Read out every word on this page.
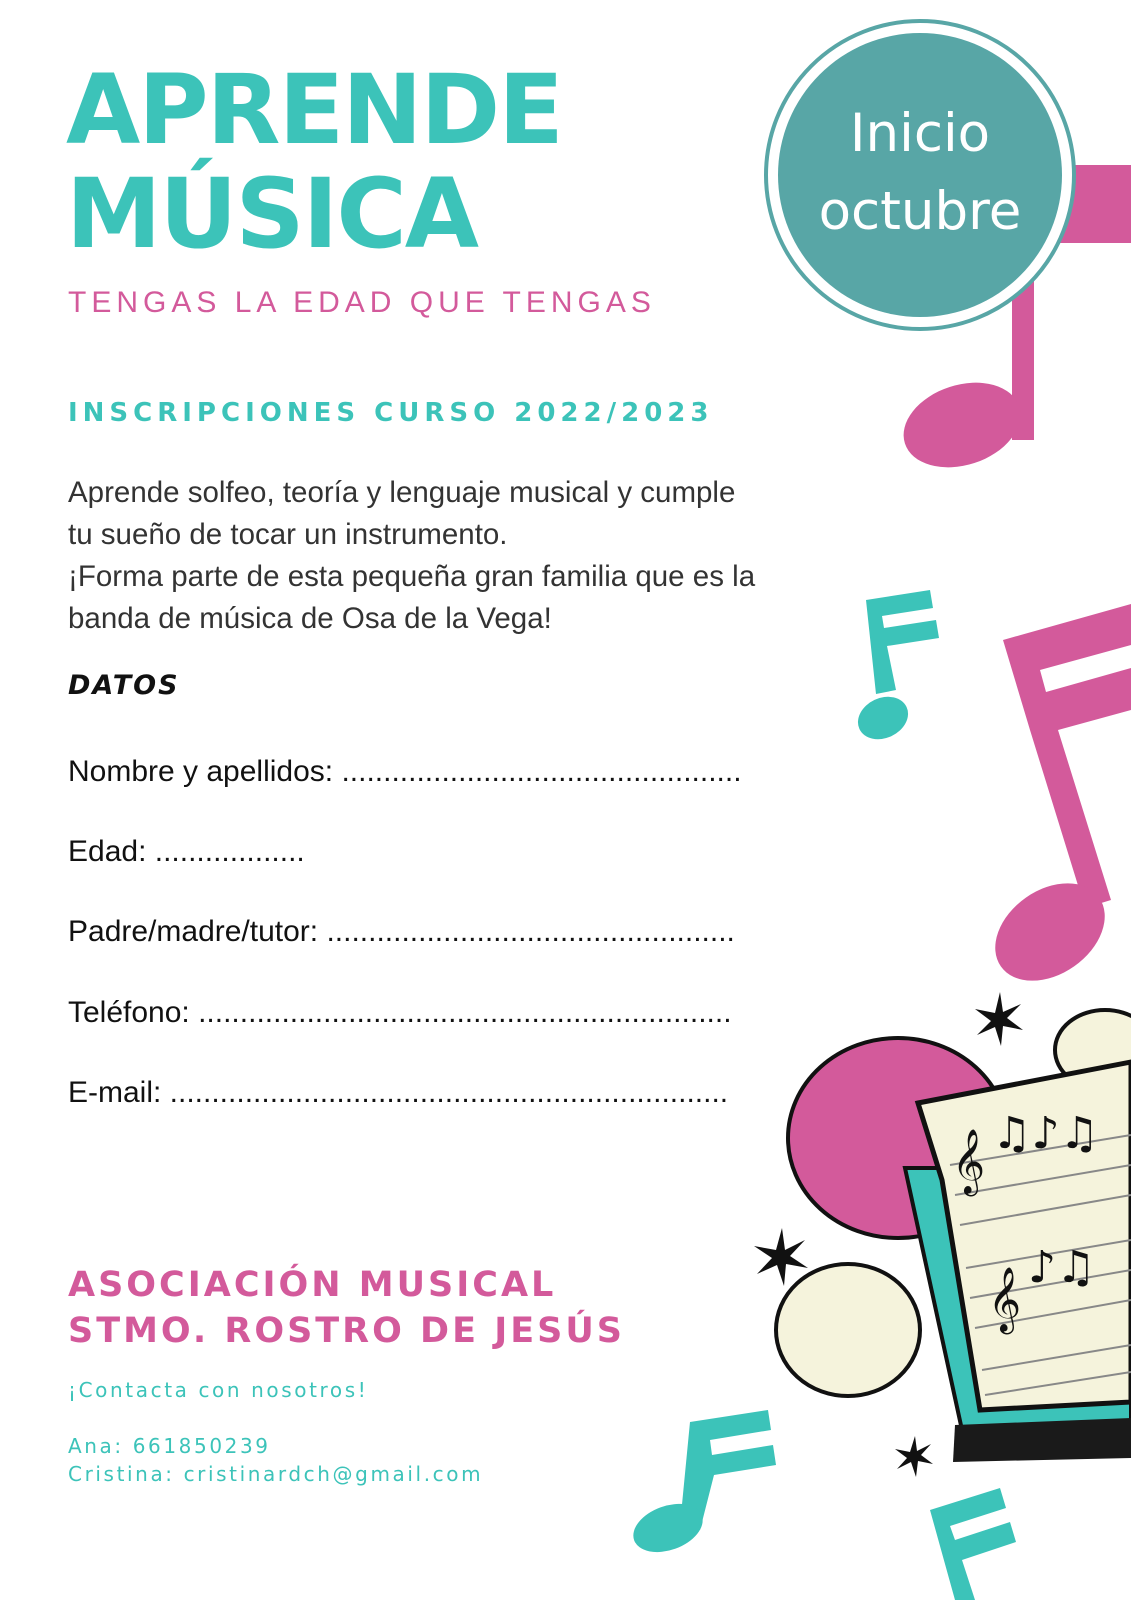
𝄞 ♫♪♫
𝄞 ♪♫
Inicio
octubre
APRENDE
MÚSICA
TENGAS LA EDAD QUE TENGAS
INSCRIPCIONES CURSO 2022/2023

Aprende solfeo, teoría y lenguaje musical y cumple

tu sueño de tocar un instrumento.

¡Forma parte de esta pequeña gran familia que es la

banda de música de Osa de la Vega!

DATOS
Nombre y apellidos: ................................................
Edad: ..................
Padre/madre/tutor: .................................................
Teléfono: ................................................................
E-mail: ...................................................................
ASOCIACIÓN MUSICAL
STMO. ROSTRO DE JESÚS
¡Contacta con nosotros!
Ana: 661850239
Cristina: cristinardch@gmail.com
